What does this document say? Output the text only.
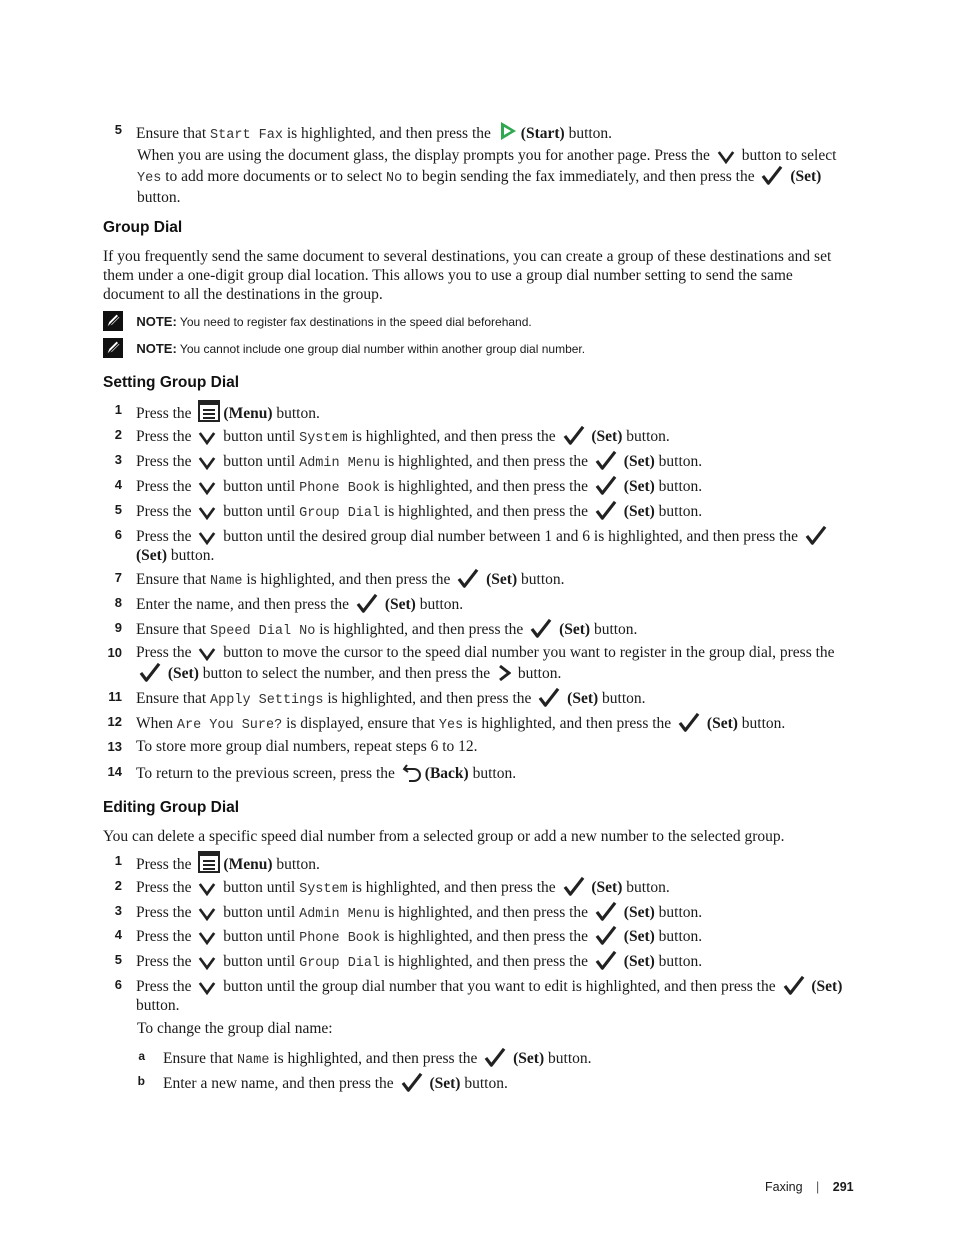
5 Ensure that Start Fax is highlighted, and then press the (Start) button.
When you are using the document glass, the display prompts you for another page. Press the button to select Yes to add more documents or to select No to begin sending the fax immediately, and then press the (Set) button.
Group Dial
If you frequently send the same document to several destinations, you can create a group of these destinations and set them under a one-digit group dial location. This allows you to use a group dial number setting to send the same document to all the destinations in the group.
NOTE: You need to register fax destinations in the speed dial beforehand.
NOTE: You cannot include one group dial number within another group dial number.
Setting Group Dial
1 Press the (Menu) button.
2 Press the button until System is highlighted, and then press the (Set) button.
3 Press the button until Admin Menu is highlighted, and then press the (Set) button.
4 Press the button until Phone Book is highlighted, and then press the (Set) button.
5 Press the button until Group Dial is highlighted, and then press the (Set) button.
6 Press the button until the desired group dial number between 1 and 6 is highlighted, and then press the  (Set) button.
7 Ensure that Name is highlighted, and then press the (Set) button.
8 Enter the name, and then press the (Set) button.
9 Ensure that Speed Dial No is highlighted, and then press the (Set) button.
10 Press the button to move the cursor to the speed dial number you want to register in the group dial, press the  (Set) button to select the number, and then press the button.
11 Ensure that Apply Settings is highlighted, and then press the (Set) button.
12 When Are You Sure? is displayed, ensure that Yes is highlighted, and then press the (Set) button.
13 To store more group dial numbers, repeat steps 6 to 12.
14 To return to the previous screen, press the (Back) button.
Editing Group Dial
You can delete a specific speed dial number from a selected group or add a new number to the selected group.
1 Press the (Menu) button.
2 Press the button until System is highlighted, and then press the (Set) button.
3 Press the button until Admin Menu is highlighted, and then press the (Set) button.
4 Press the button until Phone Book is highlighted, and then press the (Set) button.
5 Press the button until Group Dial is highlighted, and then press the (Set) button.
6 Press the button until the group dial number that you want to edit is highlighted, and then press the (Set) button.
To change the group dial name:
a Ensure that Name is highlighted, and then press the (Set) button.
b Enter a new name, and then press the (Set) button.
Faxing | 291
